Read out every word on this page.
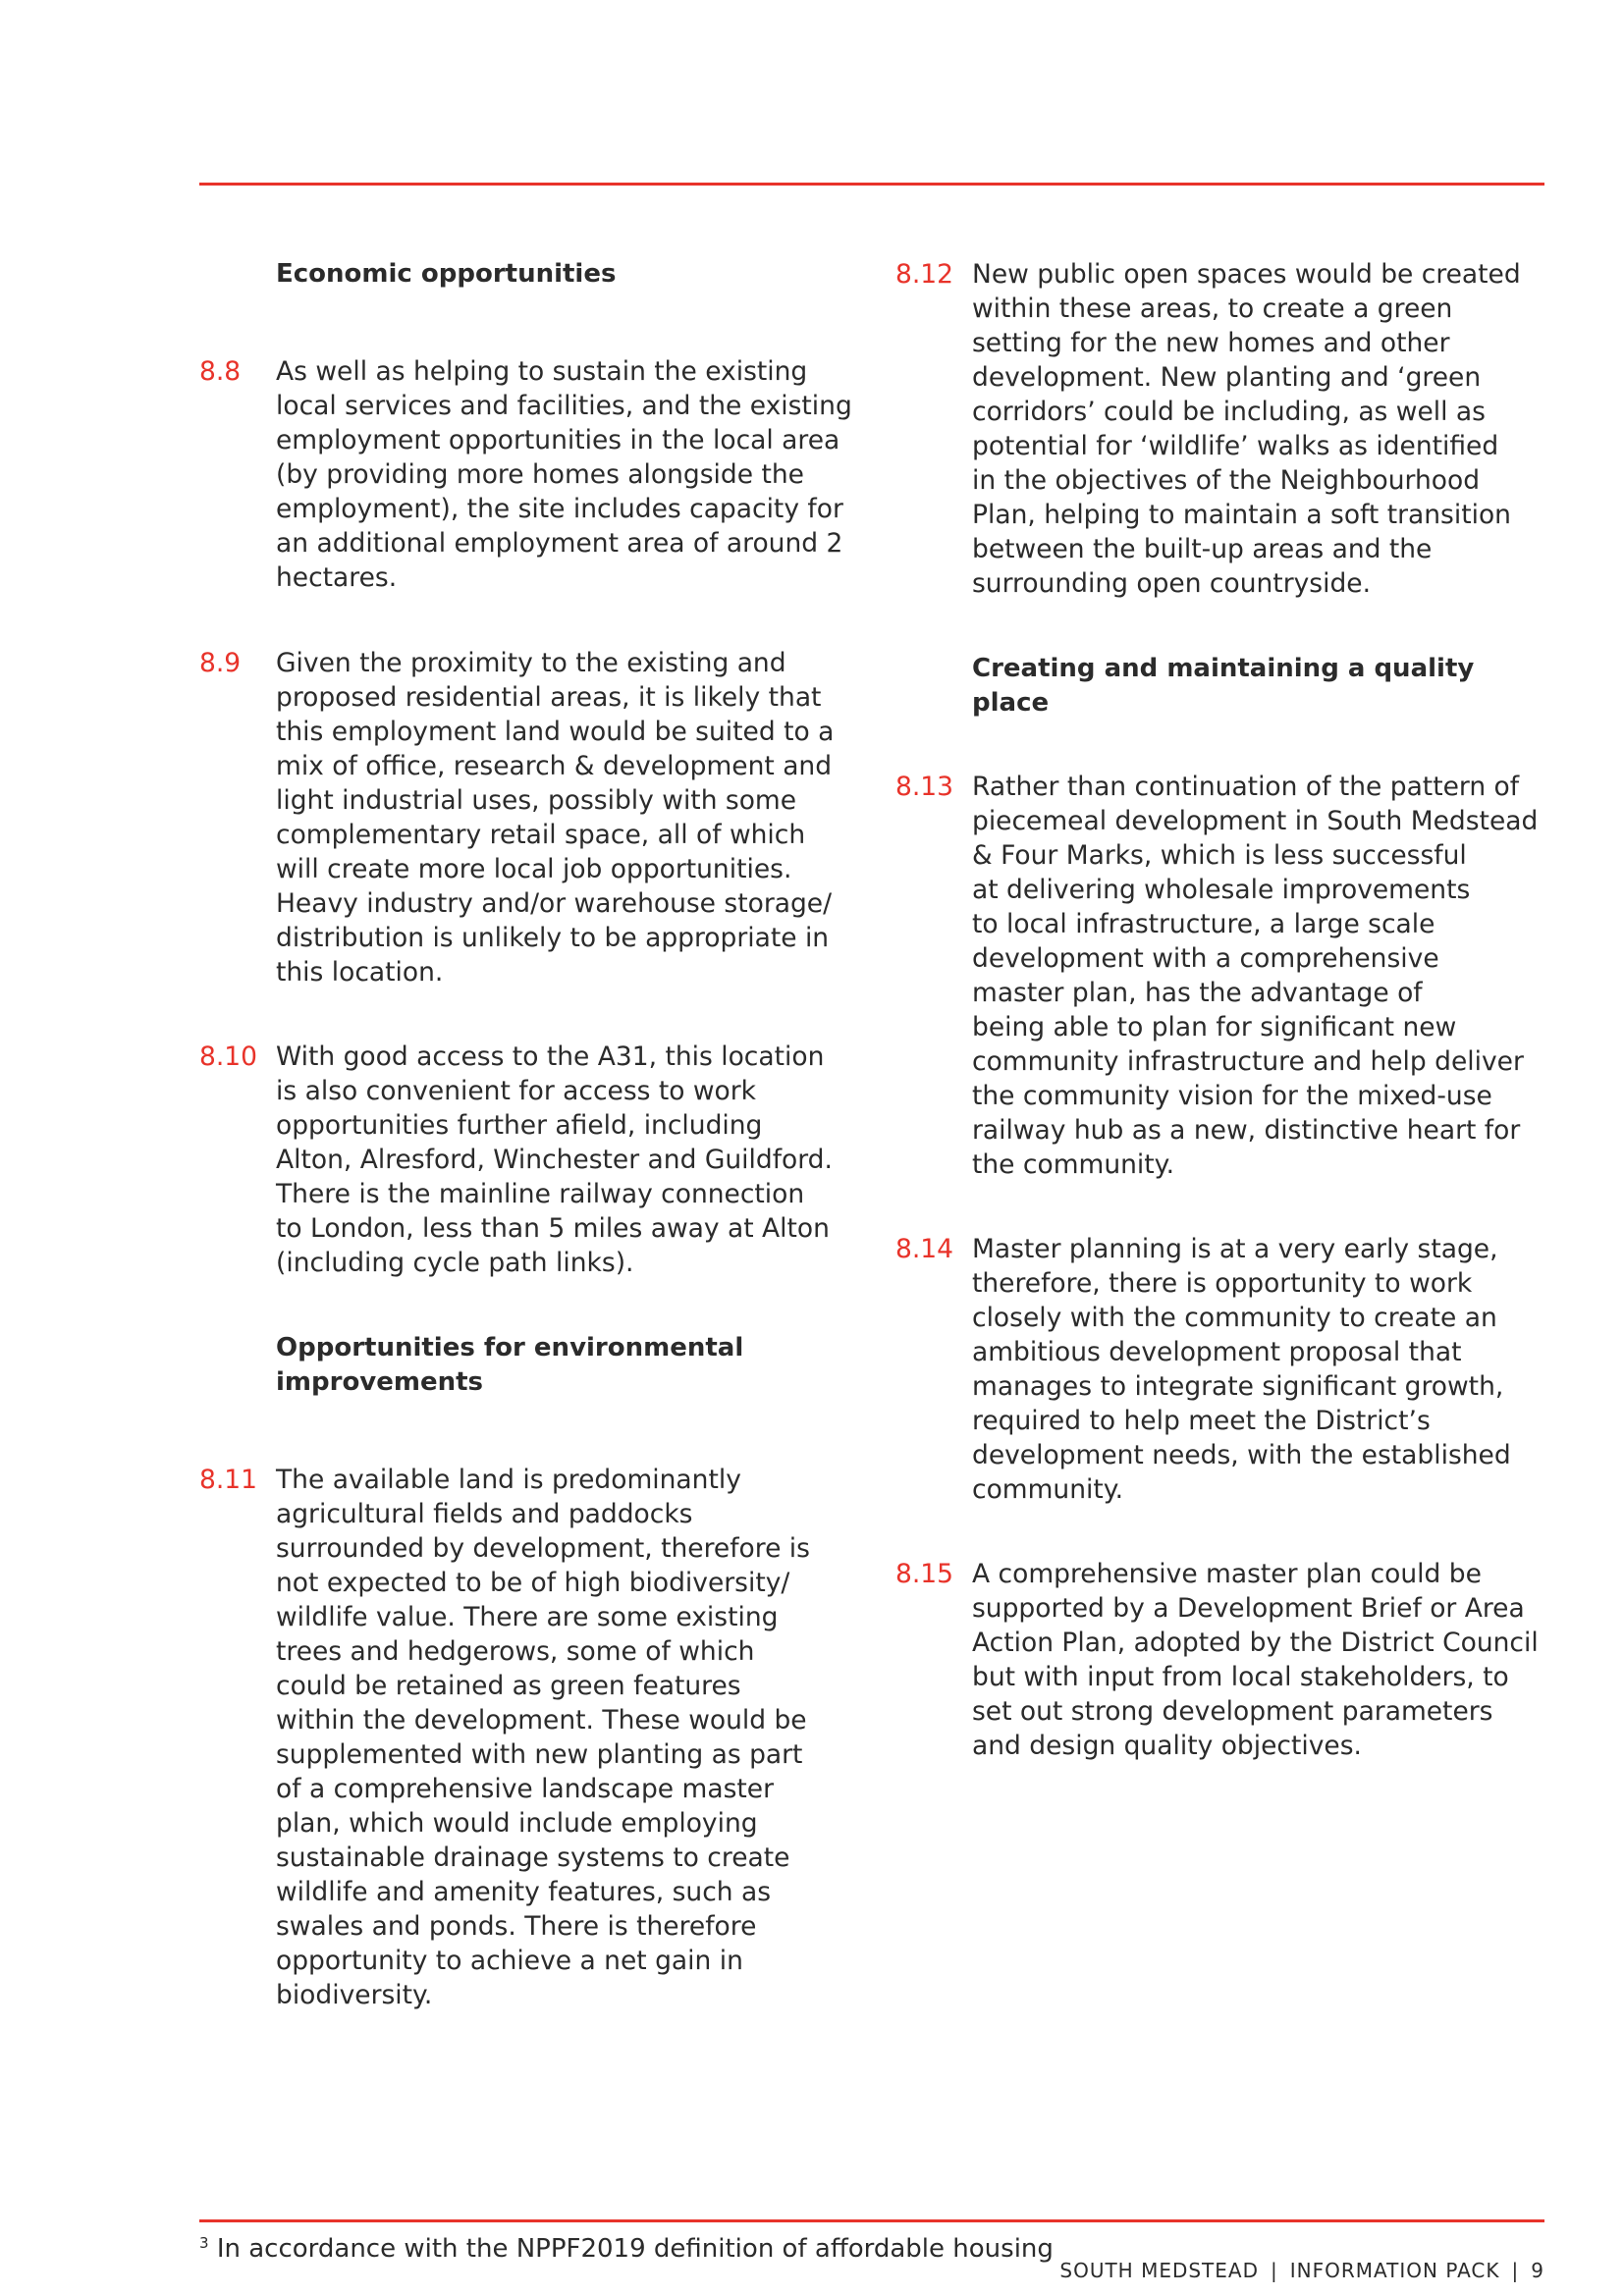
Economic opportunities
8.8	As well as helping to sustain the existing
local services and facilities, and the existing
employment opportunities in the local area
(by providing more homes alongside the
employment), the site includes capacity for
an additional employment area of around 2
hectares.
8.9	Given the proximity to the existing and
proposed residential areas, it is likely that
this employment land would be suited to a
mix of office, research & development and
light industrial uses, possibly with some
complementary retail space, all of which
will create more local job opportunities.
Heavy industry and/or warehouse storage/
distribution is unlikely to be appropriate in
this location.
8.10 With good access to the A31, this location
is also convenient for access to work
opportunities further afield, including
Alton, Alresford, Winchester and Guildford.
There is the mainline railway connection
to London, less than 5 miles away at Alton
(including cycle path links).
Opportunities for environmental
improvements
8.11 The available land is predominantly
agricultural fields and paddocks
surrounded by development, therefore is
not expected to be of high biodiversity/
wildlife value. There are some existing
trees and hedgerows, some of which
could be retained as green features
within the development. These would be
supplemented with new planting as part
of a comprehensive landscape master
plan, which would include employing
sustainable drainage systems to create
wildlife and amenity features, such as
swales and ponds. There is therefore
opportunity to achieve a net gain in
biodiversity.
8.12 New public open spaces would be created
within these areas, to create a green
setting for the new homes and other
development. New planting and ‘green
corridors’ could be including, as well as
potential for ‘wildlife’ walks as identified
in the objectives of the Neighbourhood
Plan, helping to maintain a soft transition
between the built-up areas and the
surrounding open countryside.
Creating and maintaining a quality place
8.13 Rather than continuation of the pattern of
piecemeal development in South Medstead
& Four Marks, which is less successful
at delivering wholesale improvements
to local infrastructure, a large scale
development with a comprehensive
master plan, has the advantage of
being able to plan for significant new
community infrastructure and help deliver
the community vision for the mixed-use
railway hub as a new, distinctive heart for
the community.
8.14 Master planning is at a very early stage,
therefore, there is opportunity to work
closely with the community to create an
ambitious development proposal that
manages to integrate significant growth,
required to help meet the District’s
development needs, with the established
community.
8.15 A comprehensive master plan could be
supported by a Development Brief or Area
Action Plan, adopted by the District Council
but with input from local stakeholders, to
set out strong development parameters
and design quality objectives.
$^3$ In accordance with the NPPF2019 definition of affordable housing
SOUTH MEDSTEAD | INFORMATION PACK | 9
